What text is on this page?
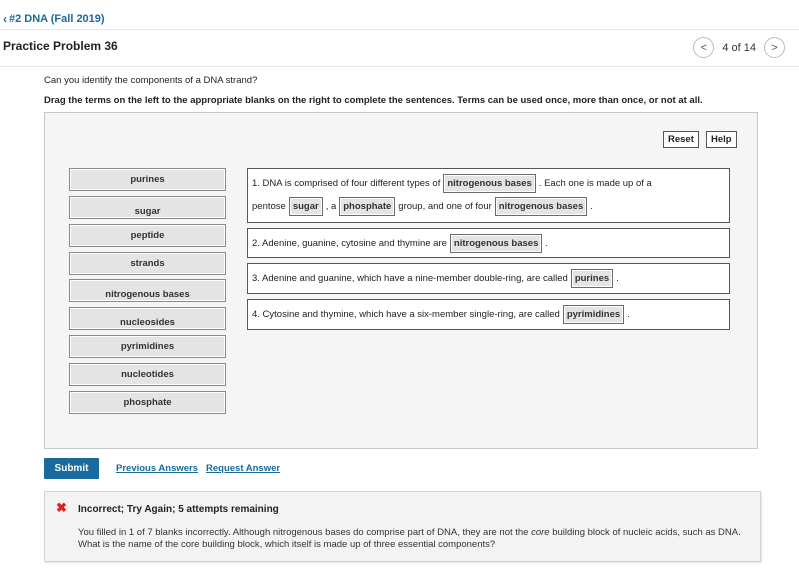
‹ #2 DNA (Fall 2019)
Practice Problem 36	< 4 of 14 >
Can you identify the components of a DNA strand?
Drag the terms on the left to the appropriate blanks on the right to complete the sentences. Terms can be used once, more than once, or not at all.
Reset	Help
purines
sugar
peptide
strands
nitrogenous bases
nucleosides
pyrimidines
nucleotides
phosphate
1. DNA is comprised of four different types of nitrogenous bases . Each one is made up of a
pentose sugar , a phosphate group, and one of four nitrogenous bases .
2. Adenine, guanine, cytosine and thymine are nitrogenous bases .
3. Adenine and guanine, which have a nine-member double-ring, are called purines .
4. Cytosine and thymine, which have a six-member single-ring, are called pyrimidines .
Submit	Previous Answers Request Answer
✖ Incorrect; Try Again; 5 attempts remaining
You filled in 1 of 7 blanks incorrectly. Although nitrogenous bases do comprise part of DNA, they are not the core building block of nucleic acids, such as DNA. What is the name of the core building block, which itself is made up of three essential components?
